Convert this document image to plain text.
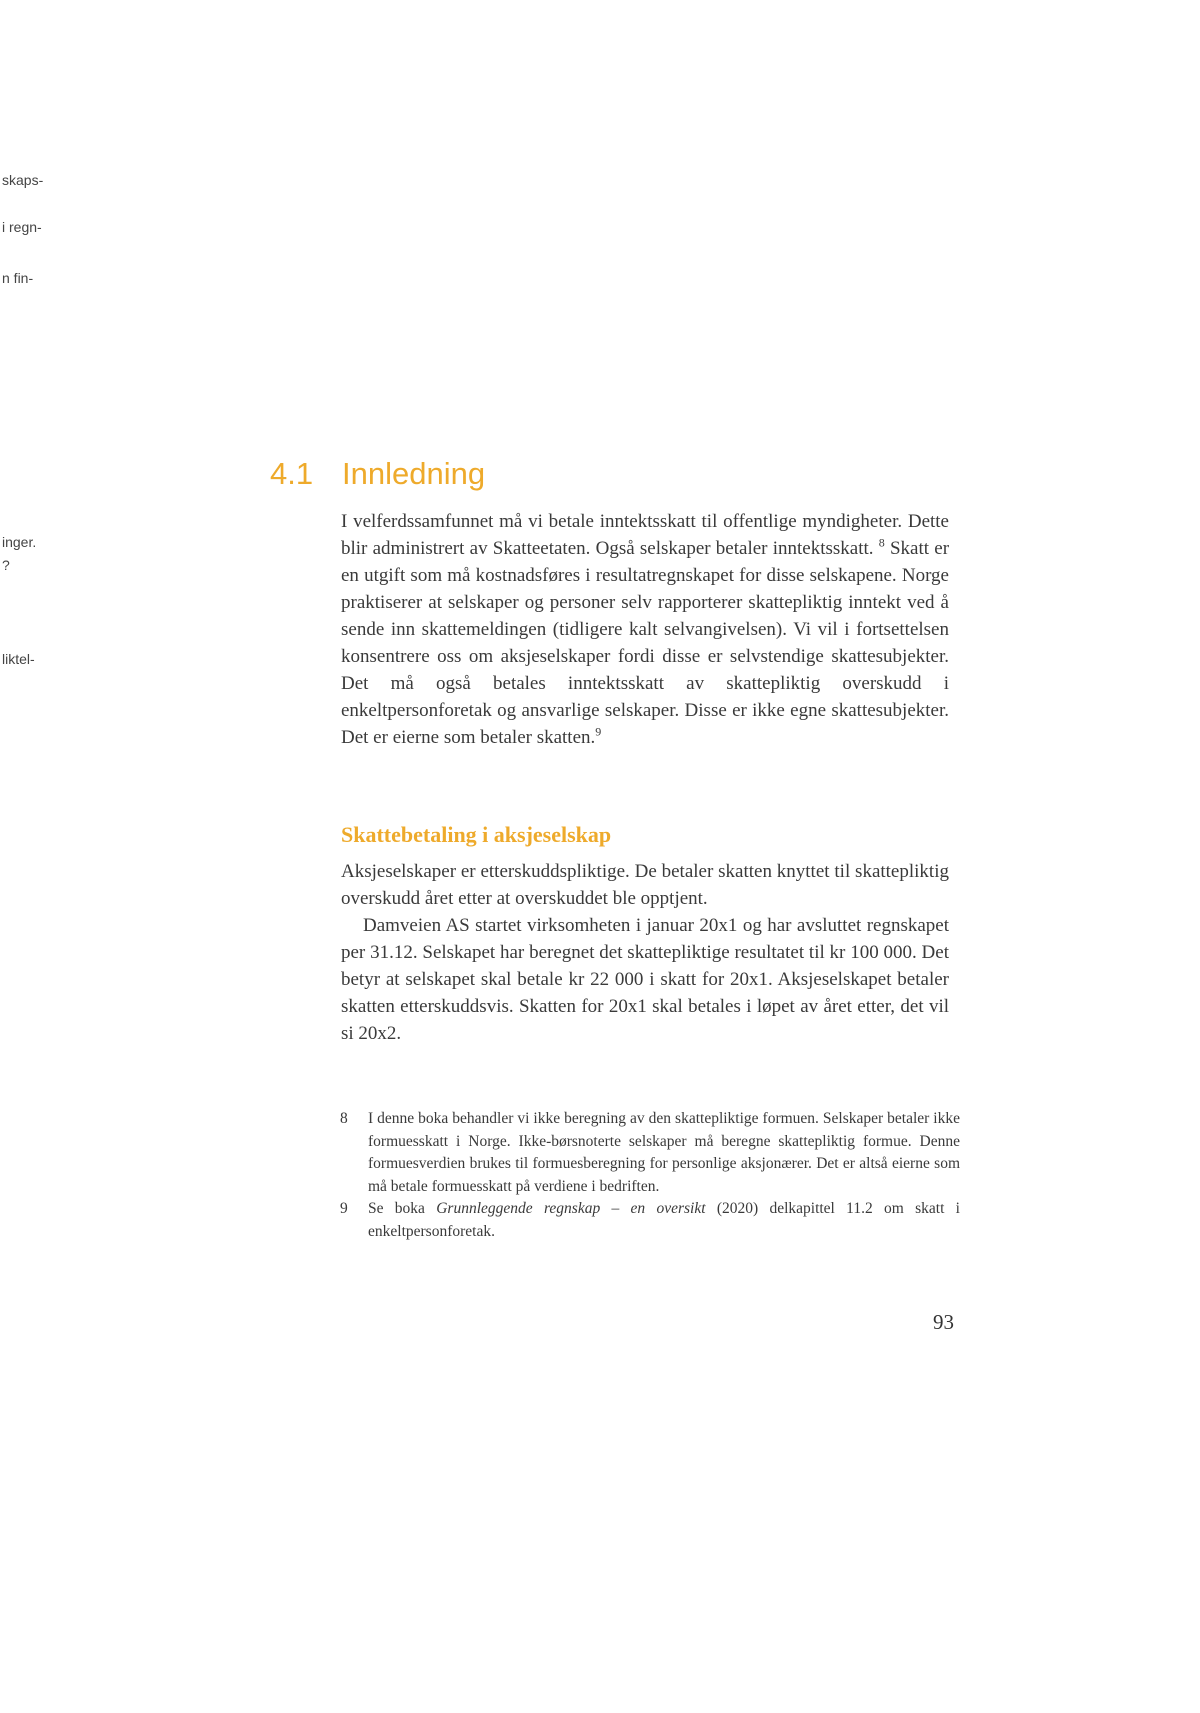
skaps-
i regn-
n fin-
inger.
?
liktel-
4.1 Innledning

I velferdssamfunnet må vi betale inntektsskatt til offentlige myndigheter. Dette blir administrert av Skatteetaten. Også selskaper betaler inntektsskatt. $^8$ Skatt er en utgift som må kostnadsføres i resultatregnskapet for disse selskapene. Norge praktiserer at selskaper og personer selv rapporterer skattepliktig inntekt ved å sende inn skattemeldingen (tidligere kalt selvangivelsen). Vi vil i fortsettelsen konsentrere oss om aksjeselskaper fordi disse er selvstendige skattesubjekter. Det må også betales inntektsskatt av skattepliktig overskudd i enkeltpersonforetak og ansvarlige selskaper. Disse er ikke egne skattesubjekter. Det er eierne som betaler skatten.$^9$

Skattebetaling i aksjeselskap

Aksjeselskaper er etterskuddspliktige. De betaler skatten knyttet til skattepliktig overskudd året etter at overskuddet ble opptjent.

Damveien AS startet virksomheten i januar 20x1 og har avsluttet regnskapet per 31.12. Selskapet har beregnet det skattepliktige resultatet til kr 100 000. Det betyr at selskapet skal betale kr 22 000 i skatt for 20x1. Aksjeselskapet betaler skatten etterskuddsvis. Skatten for 20x1 skal betales i løpet av året etter, det vil si 20x2.

8 I denne boka behandler vi ikke beregning av den skattepliktige formuen. Selskaper betaler ikke formuesskatt i Norge. Ikke-børsnoterte selskaper må beregne skattepliktig formue. Denne formuesverdien brukes til formuesberegning for personlige aksjonærer. Det er altså eierne som må betale formuesskatt på verdiene i bedriften.
9 Se boka Grunnleggende regnskap – en oversikt (2020) delkapittel 11.2 om skatt i enkeltpersonforetak.
93
